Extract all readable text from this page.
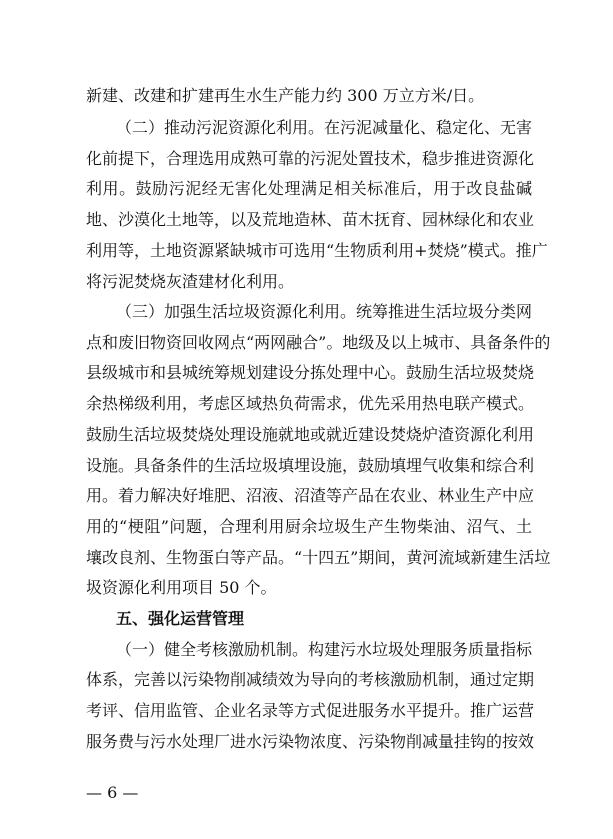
新建、改建和扩建再生水生产能力约 300 万立方米/日。
（二）推动污泥资源化利用。在污泥减量化、稳定化、无害
化前提下，合理选用成熟可靠的污泥处置技术，稳步推进资源化
利用。鼓励污泥经无害化处理满足相关标准后，用于改良盐碱
地、沙漠化土地等，以及荒地造林、苗木抚育、园林绿化和农业
利用等，土地资源紧缺城市可选用“生物质利用+焚烧”模式。推广
将污泥焚烧灰渣建材化利用。
（三）加强生活垃圾资源化利用。统筹推进生活垃圾分类网
点和废旧物资回收网点“两网融合”。地级及以上城市、具备条件的
县级城市和县城统筹规划建设分拣处理中心。鼓励生活垃圾焚烧
余热梯级利用，考虑区域热负荷需求，优先采用热电联产模式。
鼓励生活垃圾焚烧处理设施就地或就近建设焚烧炉渣资源化利用
设施。具备条件的生活垃圾填埋设施，鼓励填埋气收集和综合利
用。着力解决好堆肥、沼液、沼渣等产品在农业、林业生产中应
用的“梗阻”问题，合理利用厨余垃圾生产生物柴油、沼气、土
壤改良剂、生物蛋白等产品。“十四五”期间，黄河流域新建生活垃
圾资源化利用项目 50 个。
五、强化运营管理
（一）健全考核激励机制。构建污水垃圾处理服务质量指标
体系，完善以污染物削减绩效为导向的考核激励机制，通过定期
考评、信用监管、企业名录等方式促进服务水平提升。推广运营
服务费与污水处理厂进水污染物浓度、污染物削减量挂钩的按效
— 6 —
